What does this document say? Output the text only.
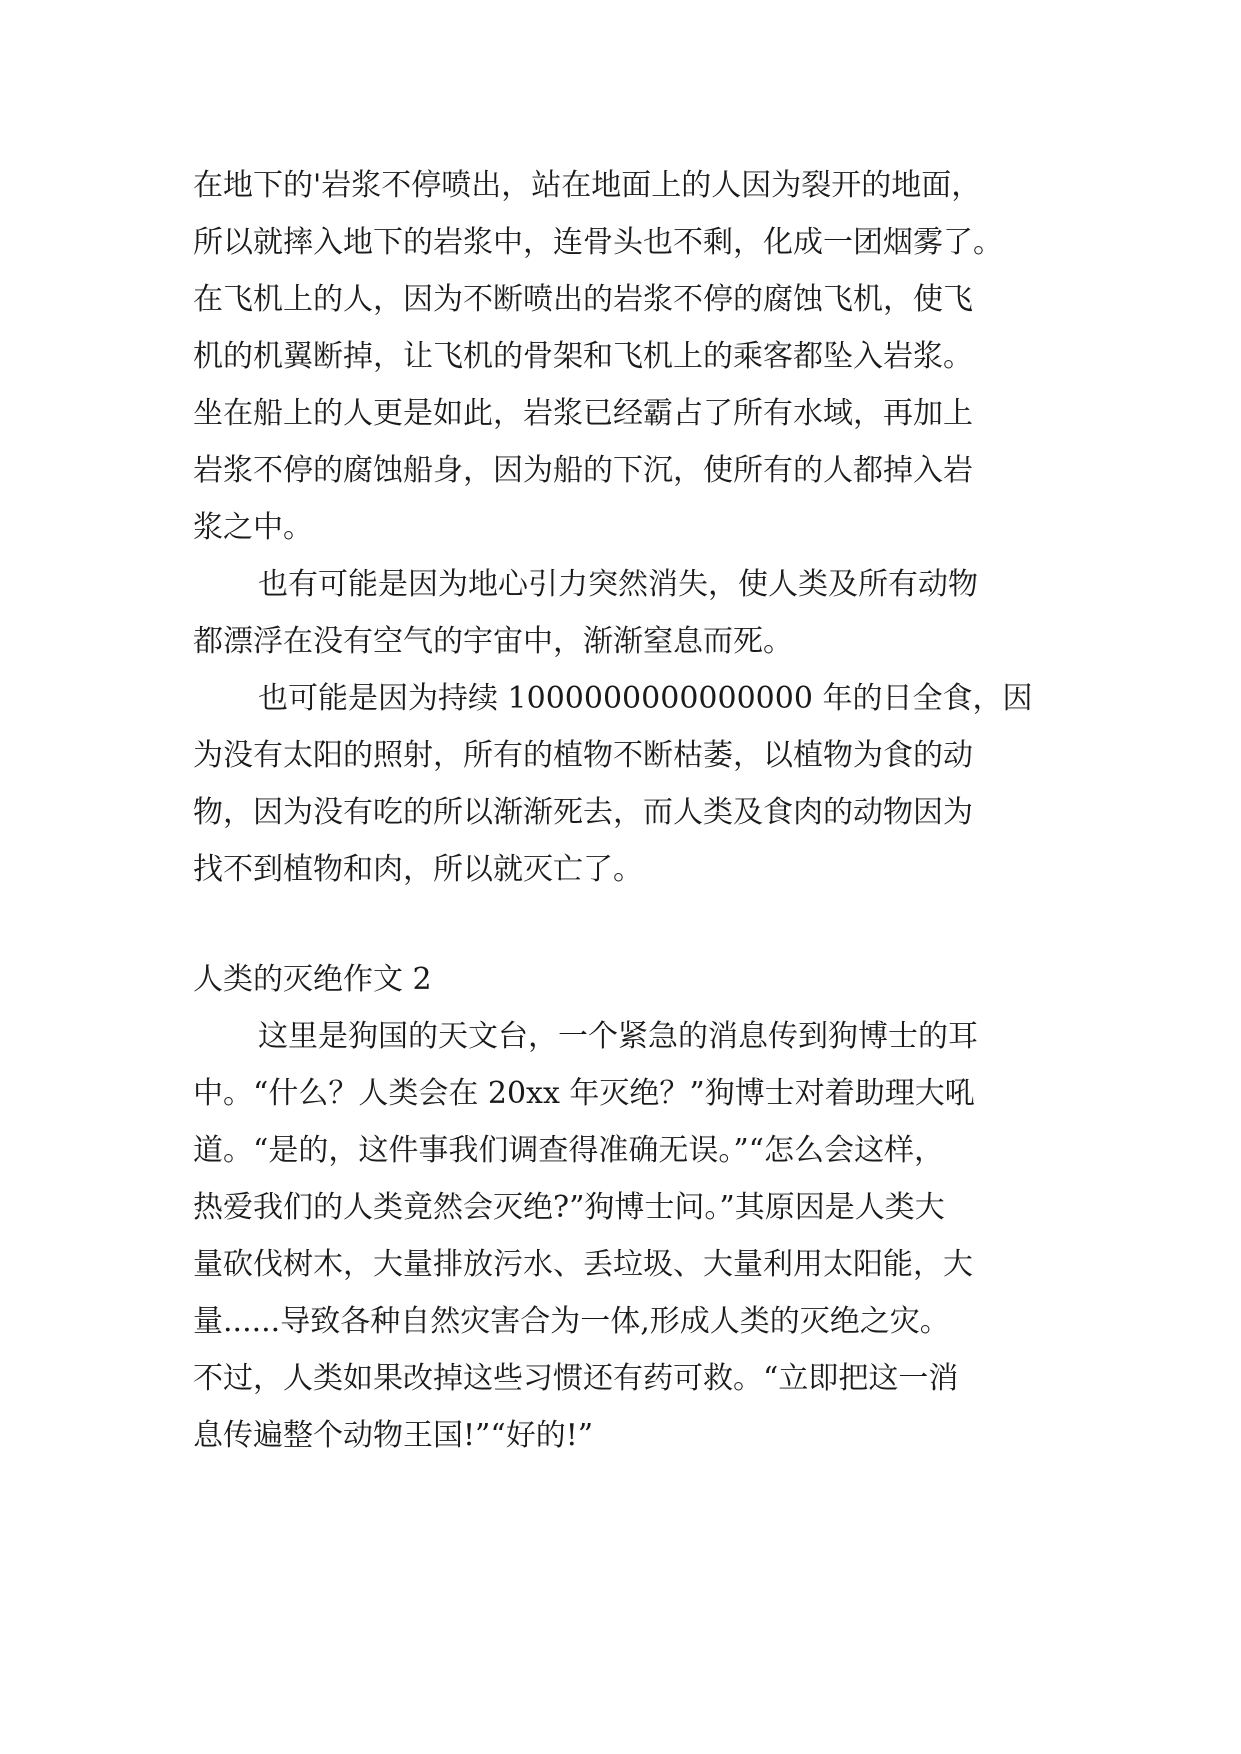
在地下的'岩浆不停喷出，站在地面上的人因为裂开的地面，
所以就摔入地下的岩浆中，连骨头也不剩，化成一团烟雾了。
在飞机上的人，因为不断喷出的岩浆不停的腐蚀飞机，使飞
机的机翼断掉，让飞机的骨架和飞机上的乘客都坠入岩浆。
坐在船上的人更是如此，岩浆已经霸占了所有水域，再加上
岩浆不停的腐蚀船身，因为船的下沉，使所有的人都掉入岩
浆之中。
也有可能是因为地心引力突然消失，使人类及所有动物
都漂浮在没有空气的宇宙中，渐渐窒息而死。
也可能是因为持续 1000000000000000 年的日全食，因
为没有太阳的照射，所有的植物不断枯萎，以植物为食的动
物，因为没有吃的所以渐渐死去，而人类及食肉的动物因为
找不到植物和肉，所以就灭亡了。
人类的灭绝作文 2
这里是狗国的天文台，一个紧急的消息传到狗博士的耳
中。“什么？人类会在 20xx 年灭绝？”狗博士对着助理大吼
道。“是的，这件事我们调查得准确无误。”“怎么会这样，
热爱我们的人类竟然会灭绝?”狗博士问。”其原因是人类大
量砍伐树木，大量排放污水、丢垃圾、大量利用太阳能，大
量......导致各种自然灾害合为一体,形成人类的灭绝之灾。
不过，人类如果改掉这些习惯还有药可救。“立即把这一消
息传遍整个动物王国!”“好的!”
